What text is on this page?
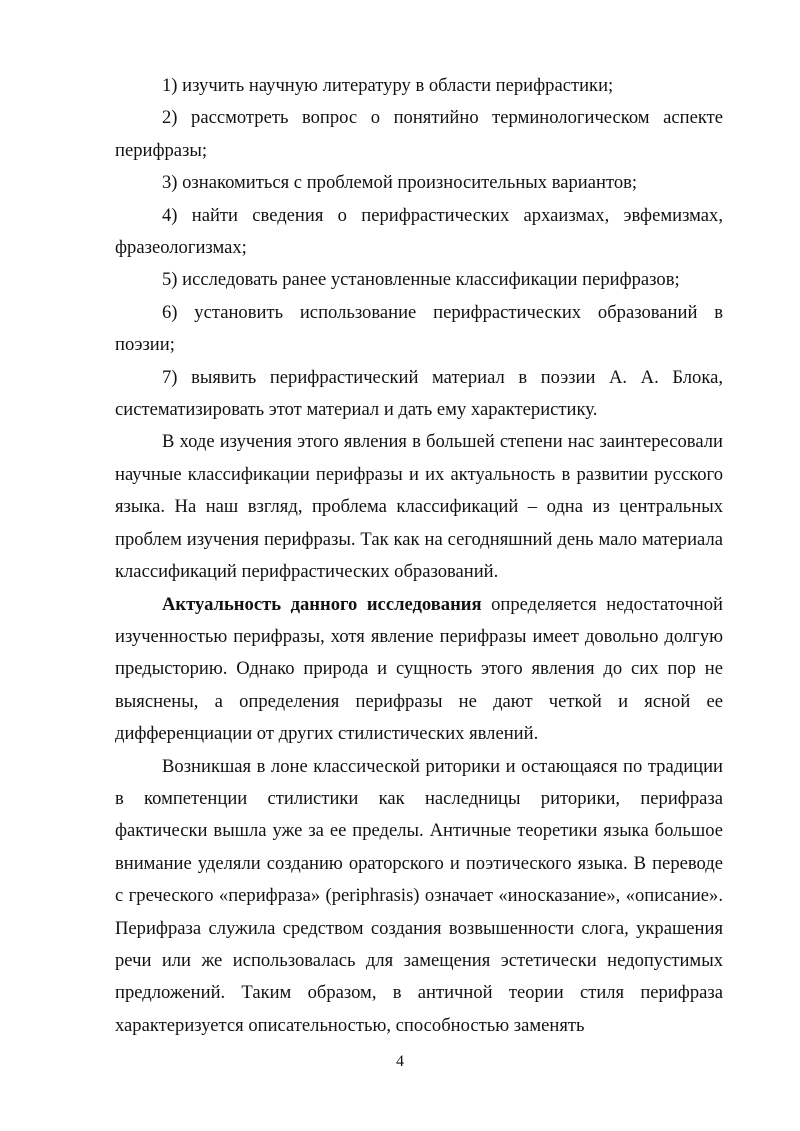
1) изучить научную литературу в области перифрастики;

2) рассмотреть вопрос о понятийно терминологическом аспекте перифразы;

3) ознакомиться с проблемой произносительных вариантов;

4) найти сведения о перифрастических архаизмах, эвфемизмах, фразеологизмах;

5) исследовать ранее установленные классификации перифразов;

6) установить использование перифрастических образований в поэзии;

7) выявить перифрастический материал в поэзии А. А. Блока, систематизировать этот материал и дать ему характеристику.

В ходе изучения этого явления в большей степени нас заинтересовали научные классификации перифразы и их актуальность в развитии русского языка. На наш взгляд, проблема классификаций – одна из центральных проблем изучения перифразы. Так как на сегодняшний день мало материала классификаций перифрастических образований.

Актуальность данного исследования определяется недостаточной изученностью перифразы, хотя явление перифразы имеет довольно долгую предысторию. Однако природа и сущность этого явления до сих пор не выяснены, а определения перифразы не дают четкой и ясной ее дифференциации от других стилистических явлений.

Возникшая в лоне классической риторики и остающаяся по традиции в компетенции стилистики как наследницы риторики, перифраза фактически вышла уже за ее пределы. Античные теоретики языка большое внимание уделяли созданию ораторского и поэтического языка. В переводе с греческого «перифраза» (periphrasis) означает «иносказание», «описание». Перифраза служила средством создания возвышенности слога, украшения речи или же использовалась для замещения эстетически недопустимых предложений. Таким образом, в античной теории стиля перифраза характеризуется описательностью, способностью заменять

4
